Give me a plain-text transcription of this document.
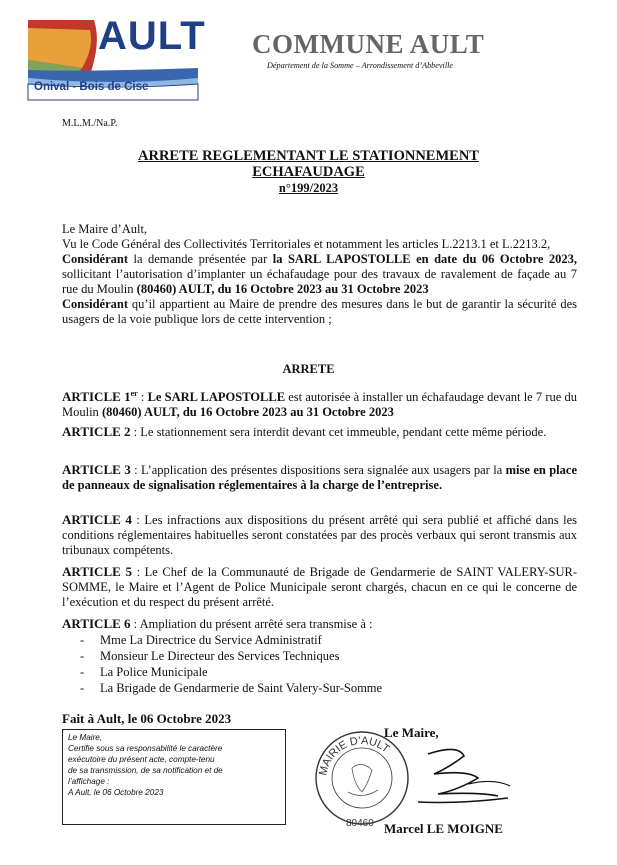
AULT
Onival - Bois de Cise
COMMUNE AULT
Département de la Somme – Arrondissement d’Abbeville
M.L.M./Na.P.
ARRETE REGLEMENTANT LE STATIONNEMENT
ECHAFAUDAGE
n°199/2023
Le Maire d’Ault,
Vu le Code Général des Collectivités Territoriales et notamment les articles L.2213.1 et L.2213.2,
Considérant la demande présentée par la SARL LAPOSTOLLE en date du 06 Octobre 2023, sollicitant l’autorisation d’implanter un échafaudage pour des travaux de ravalement de façade au 7 rue du Moulin (80460) AULT, du 16 Octobre 2023 au 31 Octobre 2023
Considérant qu’il appartient au Maire de prendre des mesures dans le but de garantir la sécurité des usagers de la voie publique lors de cette intervention ;
ARRETE
ARTICLE 1er : Le SARL LAPOSTOLLE est autorisée à installer un échafaudage devant le 7 rue du Moulin (80460) AULT, du 16 Octobre 2023 au 31 Octobre 2023
ARTICLE 2 : Le stationnement sera interdit devant cet immeuble, pendant cette même période.
ARTICLE 3 : L’application des présentes dispositions sera signalée aux usagers par la mise en place de panneaux de signalisation réglementaires à la charge de l’entreprise.
ARTICLE 4 : Les infractions aux dispositions du présent arrêté qui sera publié et affiché dans les conditions réglementaires habituelles seront constatées par des procès verbaux qui seront transmis aux tribunaux compétents.
ARTICLE 5 : Le Chef de la Communauté de Brigade de Gendarmerie de SAINT VALERY-SUR-SOMME, le Maire et l’Agent de Police Municipale seront chargés, chacun en ce qui le concerne de l’exécution et du respect du présent arrêté.
ARTICLE 6 : Ampliation du présent arrêté sera transmise à :
- Mme La Directrice du Service Administratif
- Monsieur Le Directeur des Services Techniques
- La Police Municipale
- La Brigade de Gendarmerie de Saint Valery-Sur-Somme
Fait à Ault, le 06 Octobre 2023
Le Maire,
Certifie sous sa responsabilité le caractère
exécutoire du présent acte, compte-tenu
de sa transmission, de sa notification et de
l’affichage :
A Ault, le 06 Octobre 2023
MAIRIE D’AULT
80460
Le Maire,
Marcel LE MOIGNE
